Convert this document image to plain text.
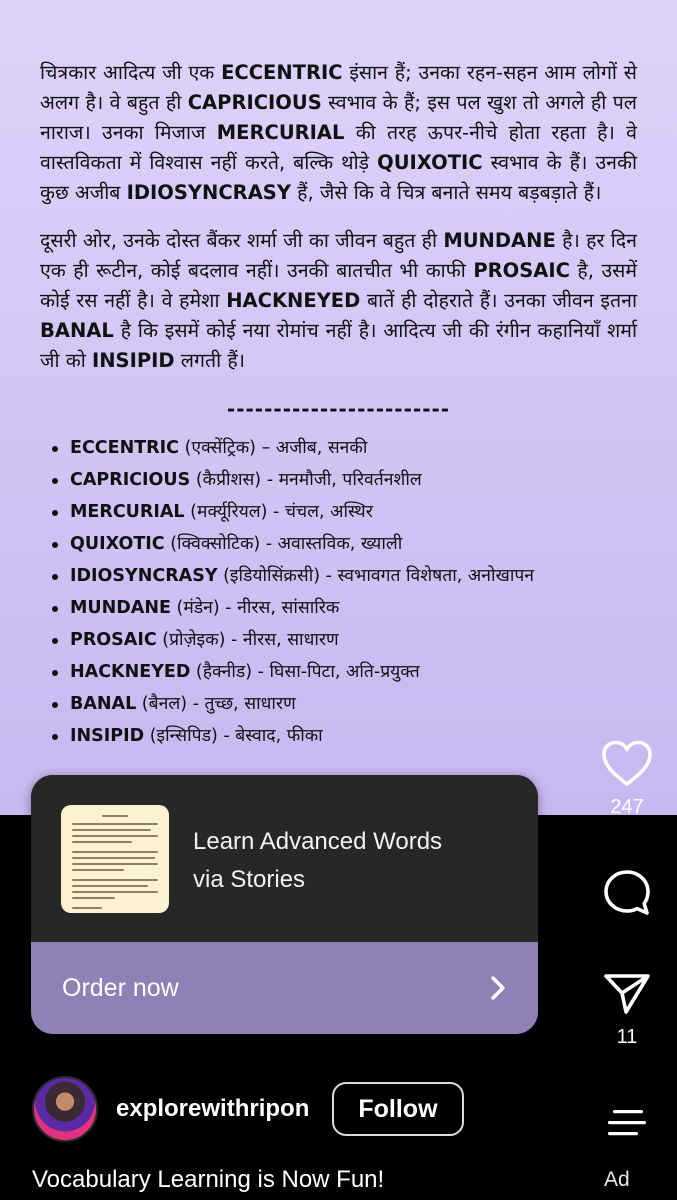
चित्रकार आदित्य जी एक ECCENTRIC इंसान हैं; उनका रहन-सहन आम लोगों से अलग है। वे बहुत ही CAPRICIOUS स्वभाव के हैं; इस पल खुश तो अगले ही पल नाराज। उनका मिजाज MERCURIAL की तरह ऊपर-नीचे होता रहता है। वे वास्तविकता में विश्वास नहीं करते, बल्कि थोड़े QUIXOTIC स्वभाव के हैं। उनकी कुछ अजीब IDIOSYNCRASY हैं, जैसे कि वे चित्र बनाते समय बड़बड़ाते हैं।

दूसरी ओर, उनके दोस्त बैंकर शर्मा जी का जीवन बहुत ही MUNDANE है। हर दिन एक ही रूटीन, कोई बदलाव नहीं। उनकी बातचीत भी काफी PROSAIC है, उसमें कोई रस नहीं है। वे हमेशा HACKNEYED बातें ही दोहराते हैं। उनका जीवन इतना BANAL है कि इसमें कोई नया रोमांच नहीं है। आदित्य जी की रंगीन कहानियाँ शर्मा जी को INSIPID लगती हैं।

------------------------
ECCENTRIC (एक्सेंट्रिक) – अजीब, सनकी
CAPRICIOUS (कैप्रीशस) - मनमौजी, परिवर्तनशील
MERCURIAL (मर्क्यूरियल) - चंचल, अस्थिर
QUIXOTIC (क्विक्सोटिक) - अवास्तविक, ख्याली
IDIOSYNCRASY (इडियोसिंक्रसी) - स्वभावगत विशेषता, अनोखापन
MUNDANE (मंडेन) - नीरस, सांसारिक
PROSAIC (प्रोज़ेइक) - नीरस, साधारण
HACKNEYED (हैक्नीड) - घिसा-पिटा, अति-प्रयुक्त
BANAL (बैनल) - तुच्छ, साधारण
INSIPID (इन्सिपिड) - बेस्वाद, फीका
247
11
Learn Advanced Words
via Stories
Order now
explorewithripon	Follow
Vocabulary Learning is Now Fun!	Ad
